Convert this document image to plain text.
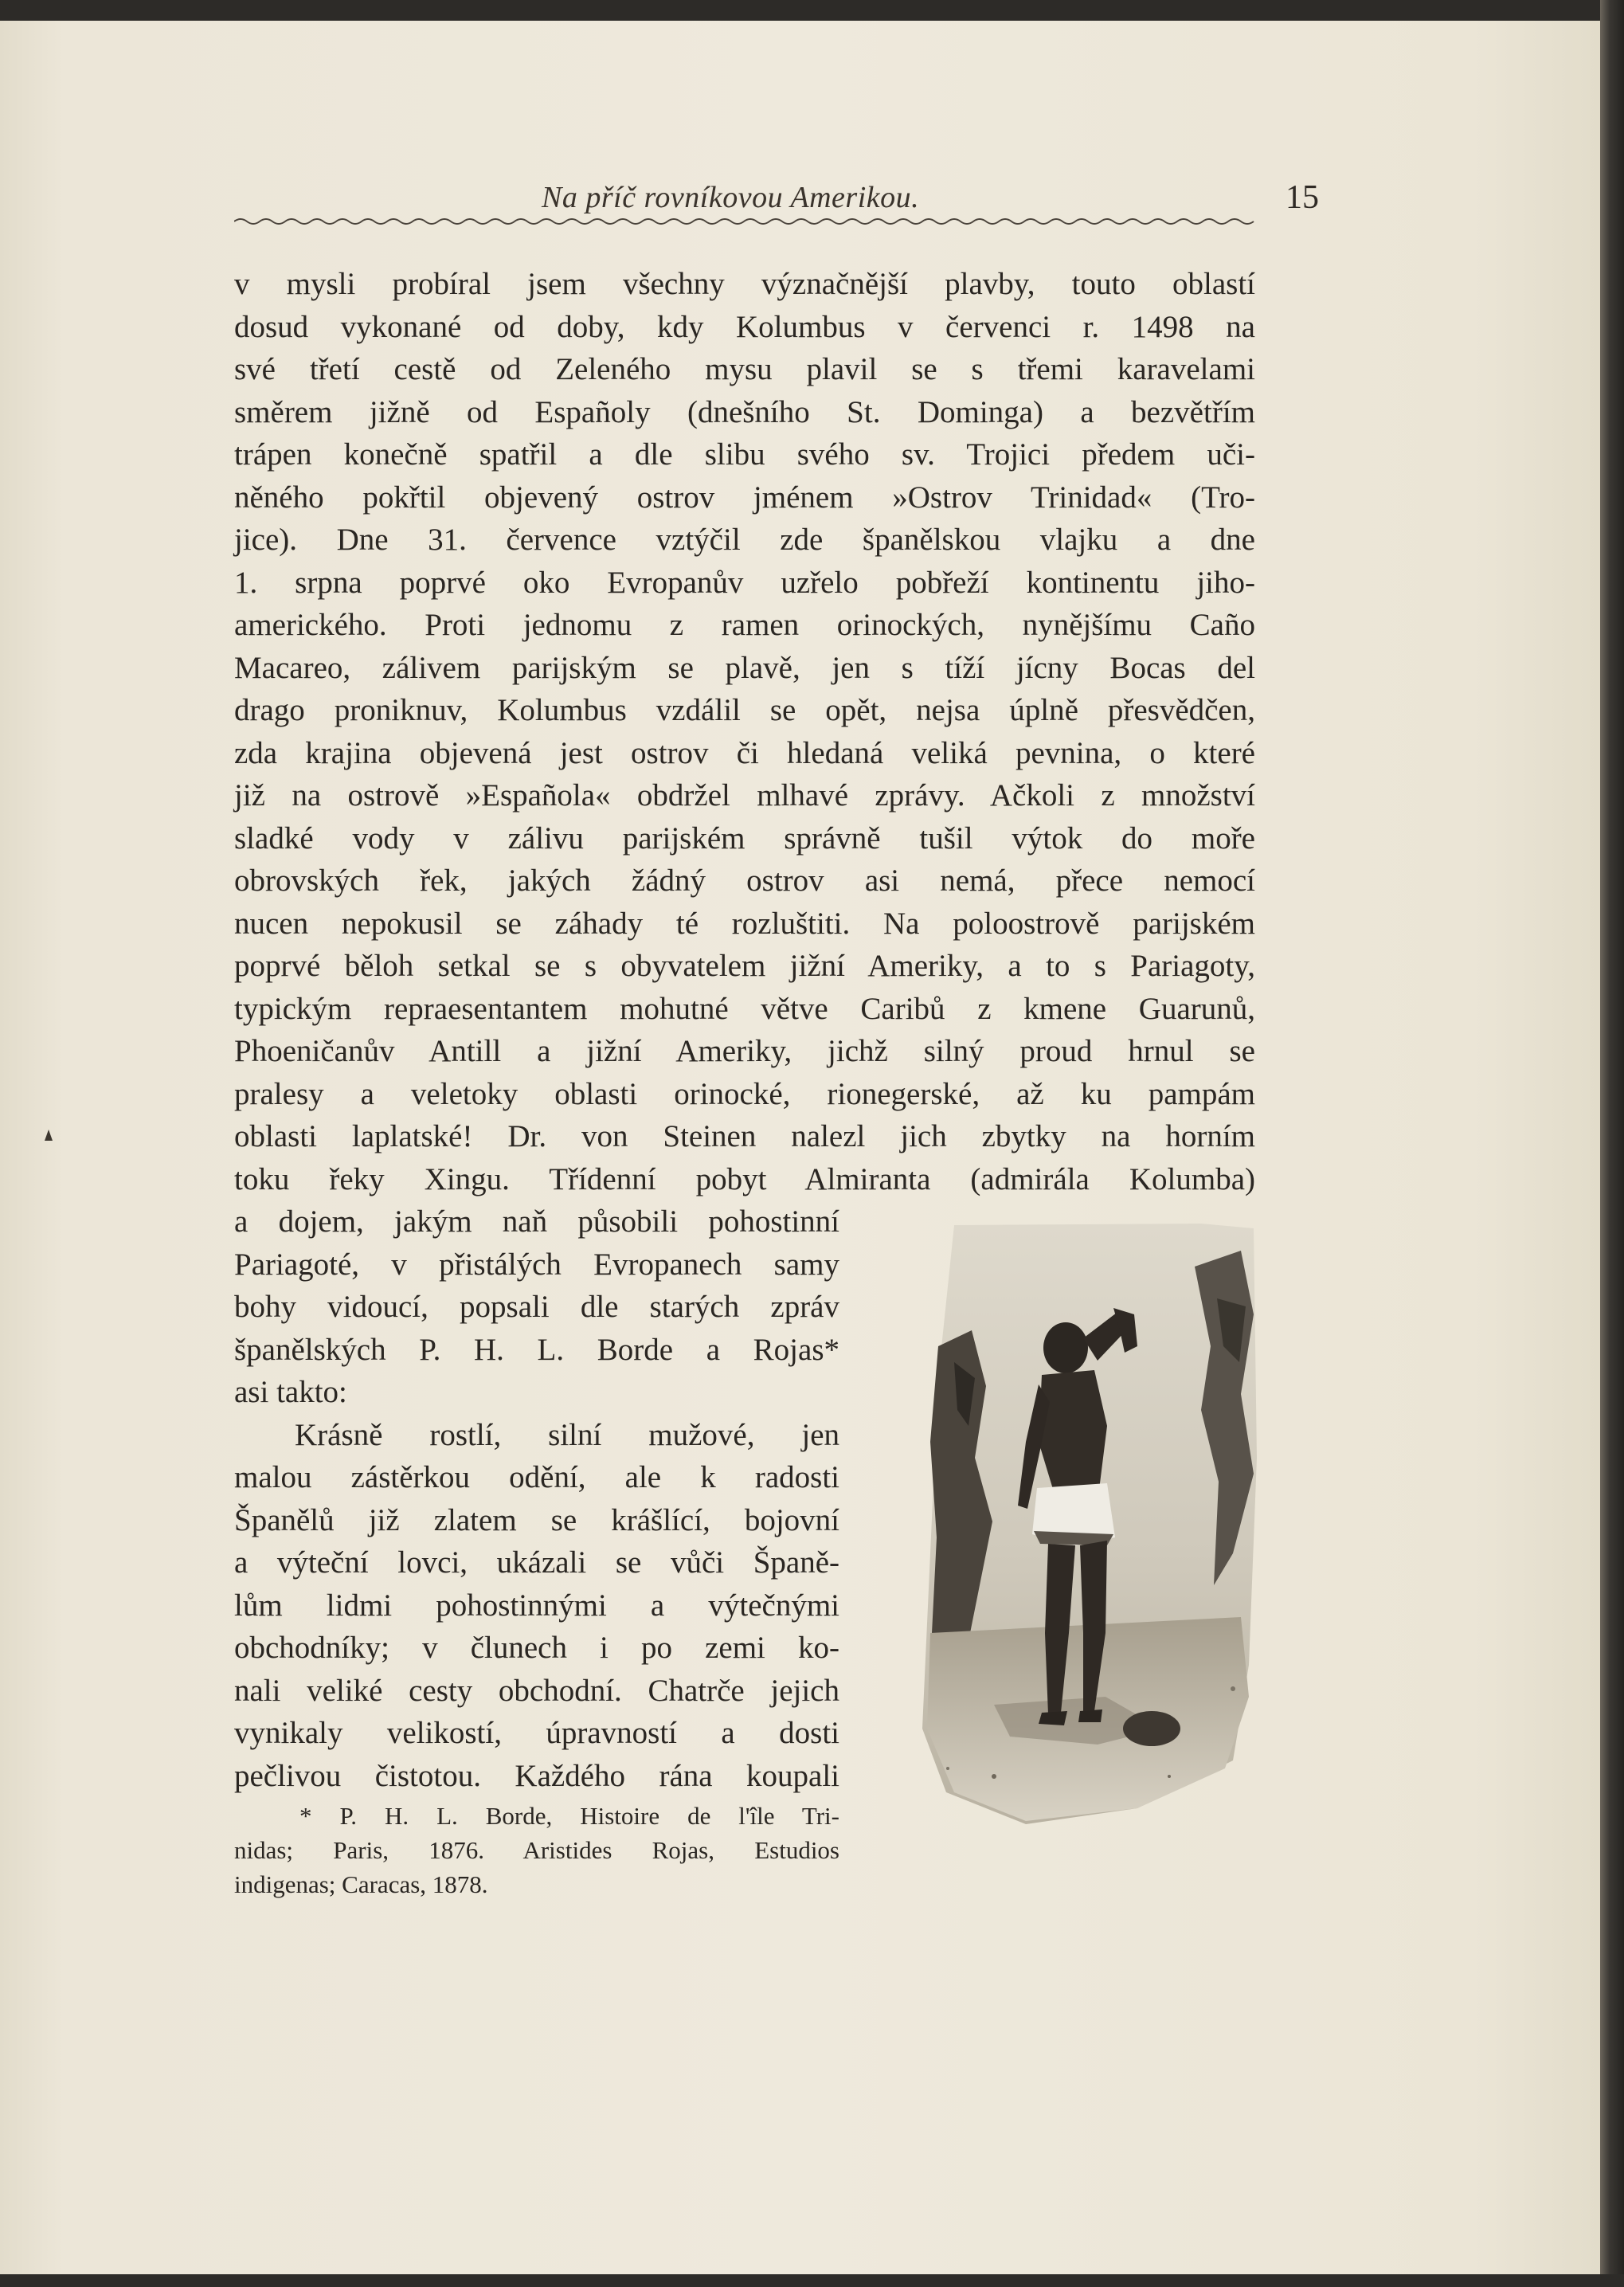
Na příč rovníkovou Amerikou.	15
v mysli probíral jsem všechny význačnější plavby, touto oblastí
dosud vykonané od doby, kdy Kolumbus v červenci r. 1498 na
své třetí cestě od Zeleného mysu plavil se s třemi karavelami
směrem jižně od Españoly (dnešního St. Dominga) a bezvětřím
trápen konečně spatřil a dle slibu svého sv. Trojici předem uči-
něného pokřtil objevený ostrov jménem »Ostrov Trinidad« (Tro-
jice). Dne 31. července vztýčil zde španělskou vlajku a dne
1. srpna poprvé oko Evropanův uzřelo pobřeží kontinentu jiho-
amerického. Proti jednomu z ramen orinockých, nynějšímu Caño
Macareo, zálivem parijským se plavě, jen s tíží jícny Bocas del
drago proniknuv, Kolumbus vzdálil se opět, nejsa úplně přesvědčen,
zda krajina objevená jest ostrov či hledaná veliká pevnina, o které
již na ostrově »Española« obdržel mlhavé zprávy. Ačkoli z množství
sladké vody v zálivu parijském správně tušil výtok do moře
obrovských řek, jakých žádný ostrov asi nemá, přece nemocí
nucen nepokusil se záhady té rozluštiti. Na poloostrově parijském
poprvé běloh setkal se s obyvatelem jižní Ameriky, a to s Pariagoty,
typickým repraesentantem mohutné větve Caribů z kmene Guarunů,
Phoeničanův Antill a jižní Ameriky, jichž silný proud hrnul se
pralesy a veletoky oblasti orinocké, rionegerské, až ku pampám
oblasti laplatské! Dr. von Steinen nalezl jich zbytky na horním
toku řeky Xingu. Třídenní pobyt Almiranta (admirála Kolumba)
a dojem, jakým naň působili pohostinní
Pariagoté, v přistálých Evropanech samy
bohy vidoucí, popsali dle starých zpráv
španělských P. H. L. Borde a Rojas*
asi takto:
Krásně rostlí, silní mužové, jen
malou zástěrkou odění, ale k radosti
Španělů již zlatem se krášlící, bojovní
a výteční lovci, ukázali se vůči Španě-
lům lidmi pohostinnými a výtečnými
obchodníky; v člunech i po zemi ko-
nali veliké cesty obchodní. Chatrče jejich
vynikaly velikostí, úpravností a dosti
pečlivou čistotou. Každého rána koupali
* P. H. L. Borde, Histoire de l'île Tri-
nidas; Paris, 1876. Aristides Rojas, Estudios
indigenas; Caracas, 1878.
